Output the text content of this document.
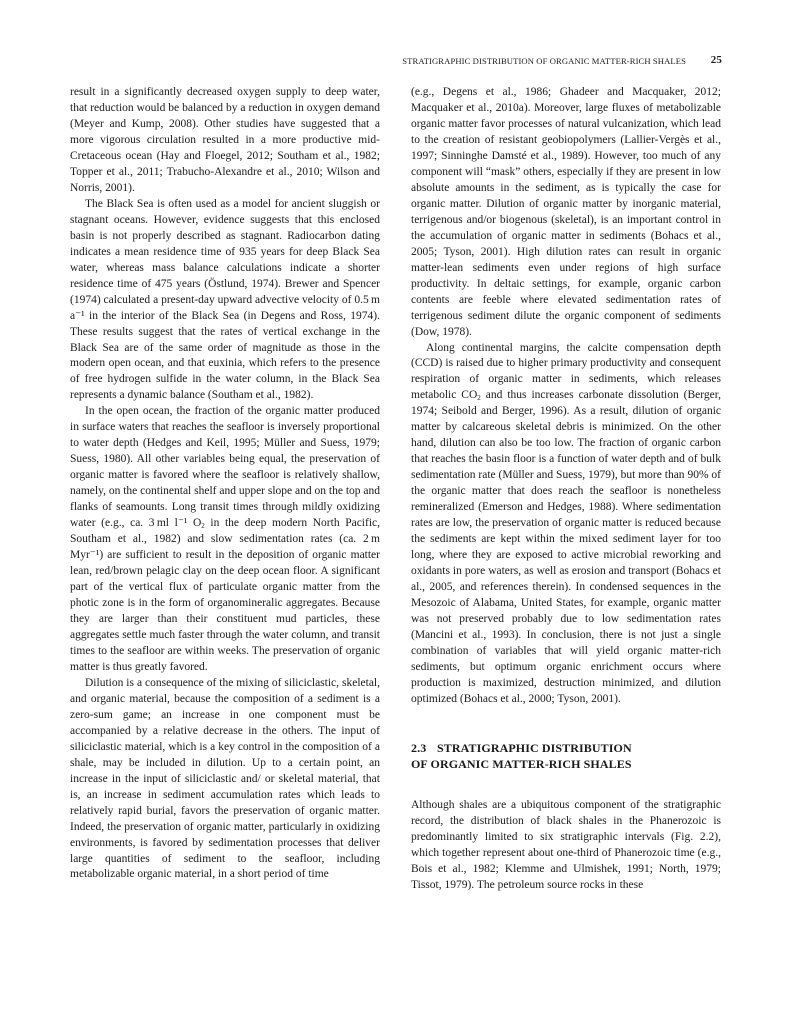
STRATIGRAPHIC DISTRIBUTION OF ORGANIC MATTER-RICH SHALES 25

result in a significantly decreased oxygen supply to deep water, that reduction would be balanced by a reduction in oxygen demand (Meyer and Kump, 2008). Other studies have suggested that a more vigorous circulation resulted in a more productive mid-Cretaceous ocean (Hay and Floegel, 2012; Southam et al., 1982; Topper et al., 2011; Trabucho-Alexandre et al., 2010; Wilson and Norris, 2001).

The Black Sea is often used as a model for ancient sluggish or stagnant oceans. However, evidence suggests that this enclosed basin is not properly described as stagnant. Radiocarbon dating indicates a mean residence time of 935 years for deep Black Sea water, whereas mass balance calculations indicate a shorter residence time of 475 years (Östlund, 1974). Brewer and Spencer (1974) calculated a present-day upward advective velocity of 0.5 m a⁻¹ in the interior of the Black Sea (in Degens and Ross, 1974). These results suggest that the rates of vertical exchange in the Black Sea are of the same order of magnitude as those in the modern open ocean, and that euxinia, which refers to the presence of free hydrogen sulfide in the water column, in the Black Sea represents a dynamic balance (Southam et al., 1982).

In the open ocean, the fraction of the organic matter produced in surface waters that reaches the seafloor is inversely proportional to water depth (Hedges and Keil, 1995; Müller and Suess, 1979; Suess, 1980). All other variables being equal, the preservation of organic matter is favored where the seafloor is relatively shallow, namely, on the continental shelf and upper slope and on the top and flanks of seamounts. Long transit times through mildly oxidizing water (e.g., ca. 3 ml l⁻¹ $O_2$ in the deep modern North Pacific, Southam et al., 1982) and slow sedimentation rates (ca. 2 m Myr⁻¹) are sufficient to result in the deposition of organic matter lean, red/brown pelagic clay on the deep ocean floor. A significant part of the vertical flux of particulate organic matter from the photic zone is in the form of organomineralic aggregates. Because they are larger than their constituent mud particles, these aggregates settle much faster through the water column, and transit times to the seafloor are within weeks. The preservation of organic matter is thus greatly favored.

Dilution is a consequence of the mixing of siliciclastic, skeletal, and organic material, because the composition of a sediment is a zero-sum game; an increase in one component must be accompanied by a relative decrease in the others. The input of siliciclastic material, which is a key control in the composition of a shale, may be included in dilution. Up to a certain point, an increase in the input of siliciclastic and/ or skeletal material, that is, an increase in sediment accumulation rates which leads to relatively rapid burial, favors the preservation of organic matter. Indeed, the preservation of organic matter, particularly in oxidizing environments, is favored by sedimentation processes that deliver large quantities of sediment to the seafloor, including metabolizable organic material, in a short period of time

(e.g., Degens et al., 1986; Ghadeer and Macquaker, 2012; Macquaker et al., 2010a). Moreover, large fluxes of metabolizable organic matter favor processes of natural vulcanization, which lead to the creation of resistant geobiopolymers (Lallier-Vergès et al., 1997; Sinninghe Damsté et al., 1989). However, too much of any component will “mask” others, especially if they are present in low absolute amounts in the sediment, as is typically the case for organic matter. Dilution of organic matter by inorganic material, terrigenous and/or biogenous (skeletal), is an important control in the accumulation of organic matter in sediments (Bohacs et al., 2005; Tyson, 2001). High dilution rates can result in organic matter-lean sediments even under regions of high surface productivity. In deltaic settings, for example, organic carbon contents are feeble where elevated sedimentation rates of terrigenous sediment dilute the organic component of sediments (Dow, 1978).

Along continental margins, the calcite compensation depth (CCD) is raised due to higher primary productivity and consequent respiration of organic matter in sediments, which releases metabolic $CO_2$ and thus increases carbonate dissolution (Berger, 1974; Seibold and Berger, 1996). As a result, dilution of organic matter by calcareous skeletal debris is minimized. On the other hand, dilution can also be too low. The fraction of organic carbon that reaches the basin floor is a function of water depth and of bulk sedimentation rate (Müller and Suess, 1979), but more than 90% of the organic matter that does reach the seafloor is nonetheless remineralized (Emerson and Hedges, 1988). Where sedimentation rates are low, the preservation of organic matter is reduced because the sediments are kept within the mixed sediment layer for too long, where they are exposed to active microbial reworking and oxidants in pore waters, as well as erosion and transport (Bohacs et al., 2005, and references therein). In condensed sequences in the Mesozoic of Alabama, United States, for example, organic matter was not preserved probably due to low sedimentation rates (Mancini et al., 1993). In conclusion, there is not just a single combination of variables that will yield organic matter-rich sediments, but optimum organic enrichment occurs where production is maximized, destruction minimized, and dilution optimized (Bohacs et al., 2000; Tyson, 2001).

2.3 STRATIGRAPHIC DISTRIBUTION
OF ORGANIC MATTER-RICH SHALES

Although shales are a ubiquitous component of the stratigraphic record, the distribution of black shales in the Phanerozoic is predominantly limited to six stratigraphic intervals (Fig. 2.2), which together represent about one-third of Phanerozoic time (e.g., Bois et al., 1982; Klemme and Ulmishek, 1991; North, 1979; Tissot, 1979). The petroleum source rocks in these
